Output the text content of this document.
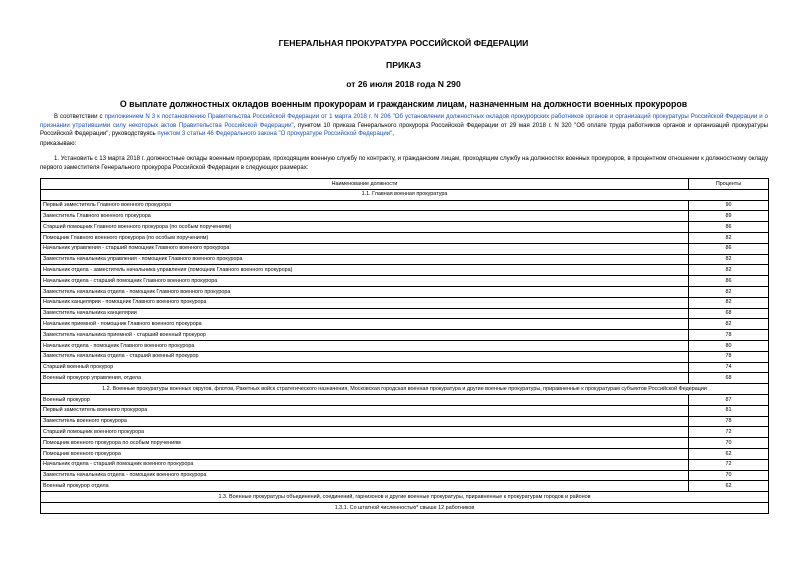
ГЕНЕРАЛЬНАЯ ПРОКУРАТУРА РОССИЙСКОЙ ФЕДЕРАЦИИ
ПРИКАЗ
от 26 июля 2018 года N 290
О выплате должностных окладов военным прокурорам и гражданским лицам, назначенным на должности военных прокуроров
В соответствии с приложением N 3 к постановлению Правительства Российской Федерации от 1 марта 2018 г. N 206 "Об установлении должностных окладов прокурорских работников органов и организаций прокуратуры Российской Федерации и о признании утратившими силу некоторых актов Правительства Российской Федерации", пунктом 10 приказа Генерального прокурора Российской Федерации от 29 мая 2018 г. N 320 "Об оплате труда работников органов и организаций прокуратуры Российской Федерации", руководствуясь пунктом 3 статьи 46 Федерального закона "О прокуратуре Российской Федерации",
приказываю:
1. Установить с 13 марта 2018 г. должностные оклады военным прокурорам, проходящим военную службу по контракту, и гражданским лицам, проходящим службу на должностях военных прокуроров, в процентном отношении к должностному окладу первого заместителя Генерального прокурора Российской Федерации в следующих размерах:
Наименование должности	Проценты
1.1. Главная военная прокуратура	
Первый заместитель Главного военного прокурора	90
Заместитель Главного военного прокурора	89
Старший помощник Главного военного прокурора (по особым поручениям)	86
Помощник Главного военного прокурора (по особым поручениям)	82
Начальник управления - старший помощник Главного военного прокурора	86
Заместитель начальника управления - помощник Главного военного прокурора	82
Начальник отдела - заместитель начальника управления (помощник Главного военного прокурора)	82
Начальник отдела - старший помощник Главного военного прокурора	86
Заместитель начальника отдела - помощник Главного военного прокурора	82
Начальник канцелярии - помощник Главного военного прокурора	82
Заместитель начальника канцелярии	68
Начальник приемной - помощник Главного военного прокурора	82
Заместитель начальника приемной - старший военный прокурор	78
Начальник отдела - помощник Главного военного прокурора	80
Заместитель начальника отдела - старший военный прокурор	78
Старший военный прокурор	74
Военный прокурор управления, отдела	68
1.2. Военные прокуратуры военных округов, флотов, Ракетных войск стратегического назначения, Московская городская военная прокуратура и другие военные прокуратуры, приравненные к прокуратурам субъектов Российской Федерации	
Военный прокурор	87
Первый заместитель военного прокурора	81
Заместитель военного прокурора	78
Старший помощник военного прокурора	72
Помощник военного прокурора по особым поручениям	70
Помощник военного прокурора	62
Начальник отдела - старший помощник военного прокурора	72
Заместитель начальника отдела - помощник военного прокурора	70
Военный прокурор отдела	62
1.3. Военные прокуратуры объединений, соединений, гарнизонов и другие военные прокуратуры, приравненные к прокуратурам городов и районов	
1.3.1. Со штатной численностью* свыше 12 работников	
